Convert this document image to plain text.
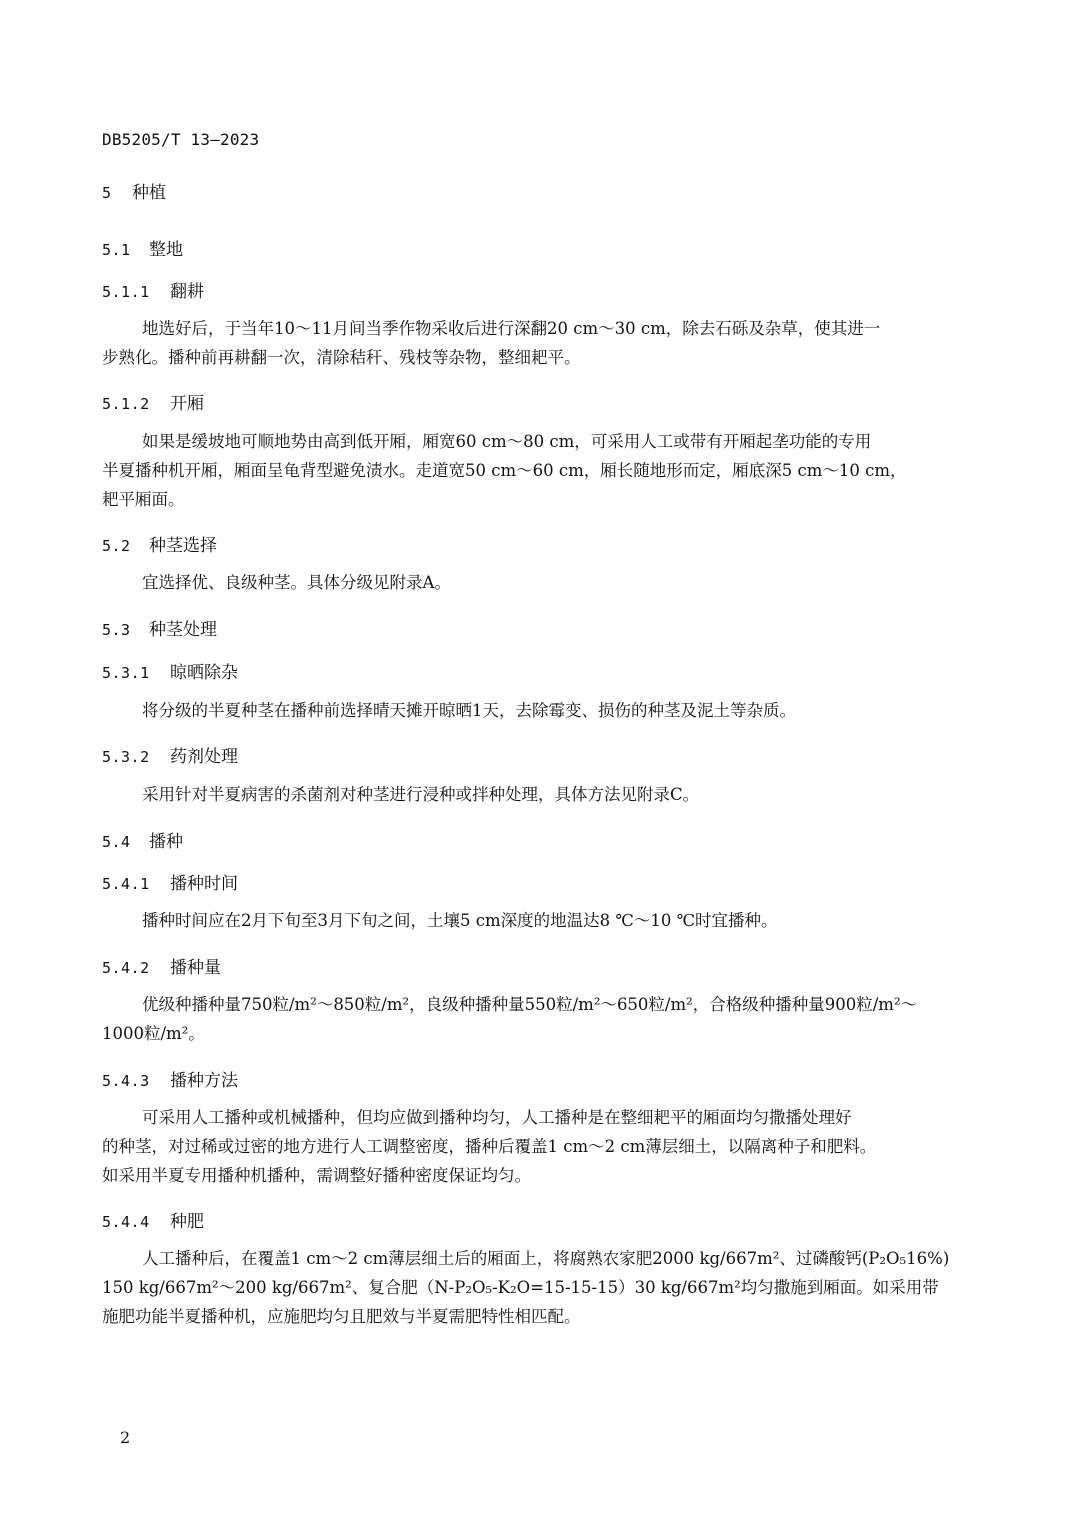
DB5205/T 13—2023
5 种植
5.1 整地
5.1.1 翻耕
地选好后，于当年10～11月间当季作物采收后进行深翻20 cm～30 cm，除去石砾及杂草，使其进一
步熟化。播种前再耕翻一次，清除秸秆、残枝等杂物，整细耙平。
5.1.2 开厢
如果是缓坡地可顺地势由高到低开厢，厢宽60 cm～80 cm，可采用人工或带有开厢起垄功能的专用
半夏播种机开厢，厢面呈龟背型避免渍水。走道宽50 cm～60 cm，厢长随地形而定，厢底深5 cm～10 cm，
耙平厢面。
5.2 种茎选择
宜选择优、良级种茎。具体分级见附录A。
5.3 种茎处理
5.3.1 晾晒除杂
将分级的半夏种茎在播种前选择晴天摊开晾晒1天，去除霉变、损伤的种茎及泥土等杂质。
5.3.2 药剂处理
采用针对半夏病害的杀菌剂对种茎进行浸种或拌种处理，具体方法见附录C。
5.4 播种
5.4.1 播种时间
播种时间应在2月下旬至3月下旬之间，土壤5 cm深度的地温达8 ℃～10 ℃时宜播种。
5.4.2 播种量
优级种播种量750粒/m²～850粒/m²，良级种播种量550粒/m²～650粒/m²，合格级种播种量900粒/m²～
1000粒/m²。
5.4.3 播种方法
可采用人工播种或机械播种，但均应做到播种均匀，人工播种是在整细耙平的厢面均匀撒播处理好
的种茎，对过稀或过密的地方进行人工调整密度，播种后覆盖1 cm～2 cm薄层细土，以隔离种子和肥料。
如采用半夏专用播种机播种，需调整好播种密度保证均匀。
5.4.4 种肥
人工播种后，在覆盖1 cm～2 cm薄层细土后的厢面上，将腐熟农家肥2000 kg/667m²、过磷酸钙(P₂O₅16%)
150 kg/667m²～200 kg/667m²、复合肥（N-P₂O₅-K₂O=15-15-15）30 kg/667m²均匀撒施到厢面。如采用带
施肥功能半夏播种机，应施肥均匀且肥效与半夏需肥特性相匹配。
2
